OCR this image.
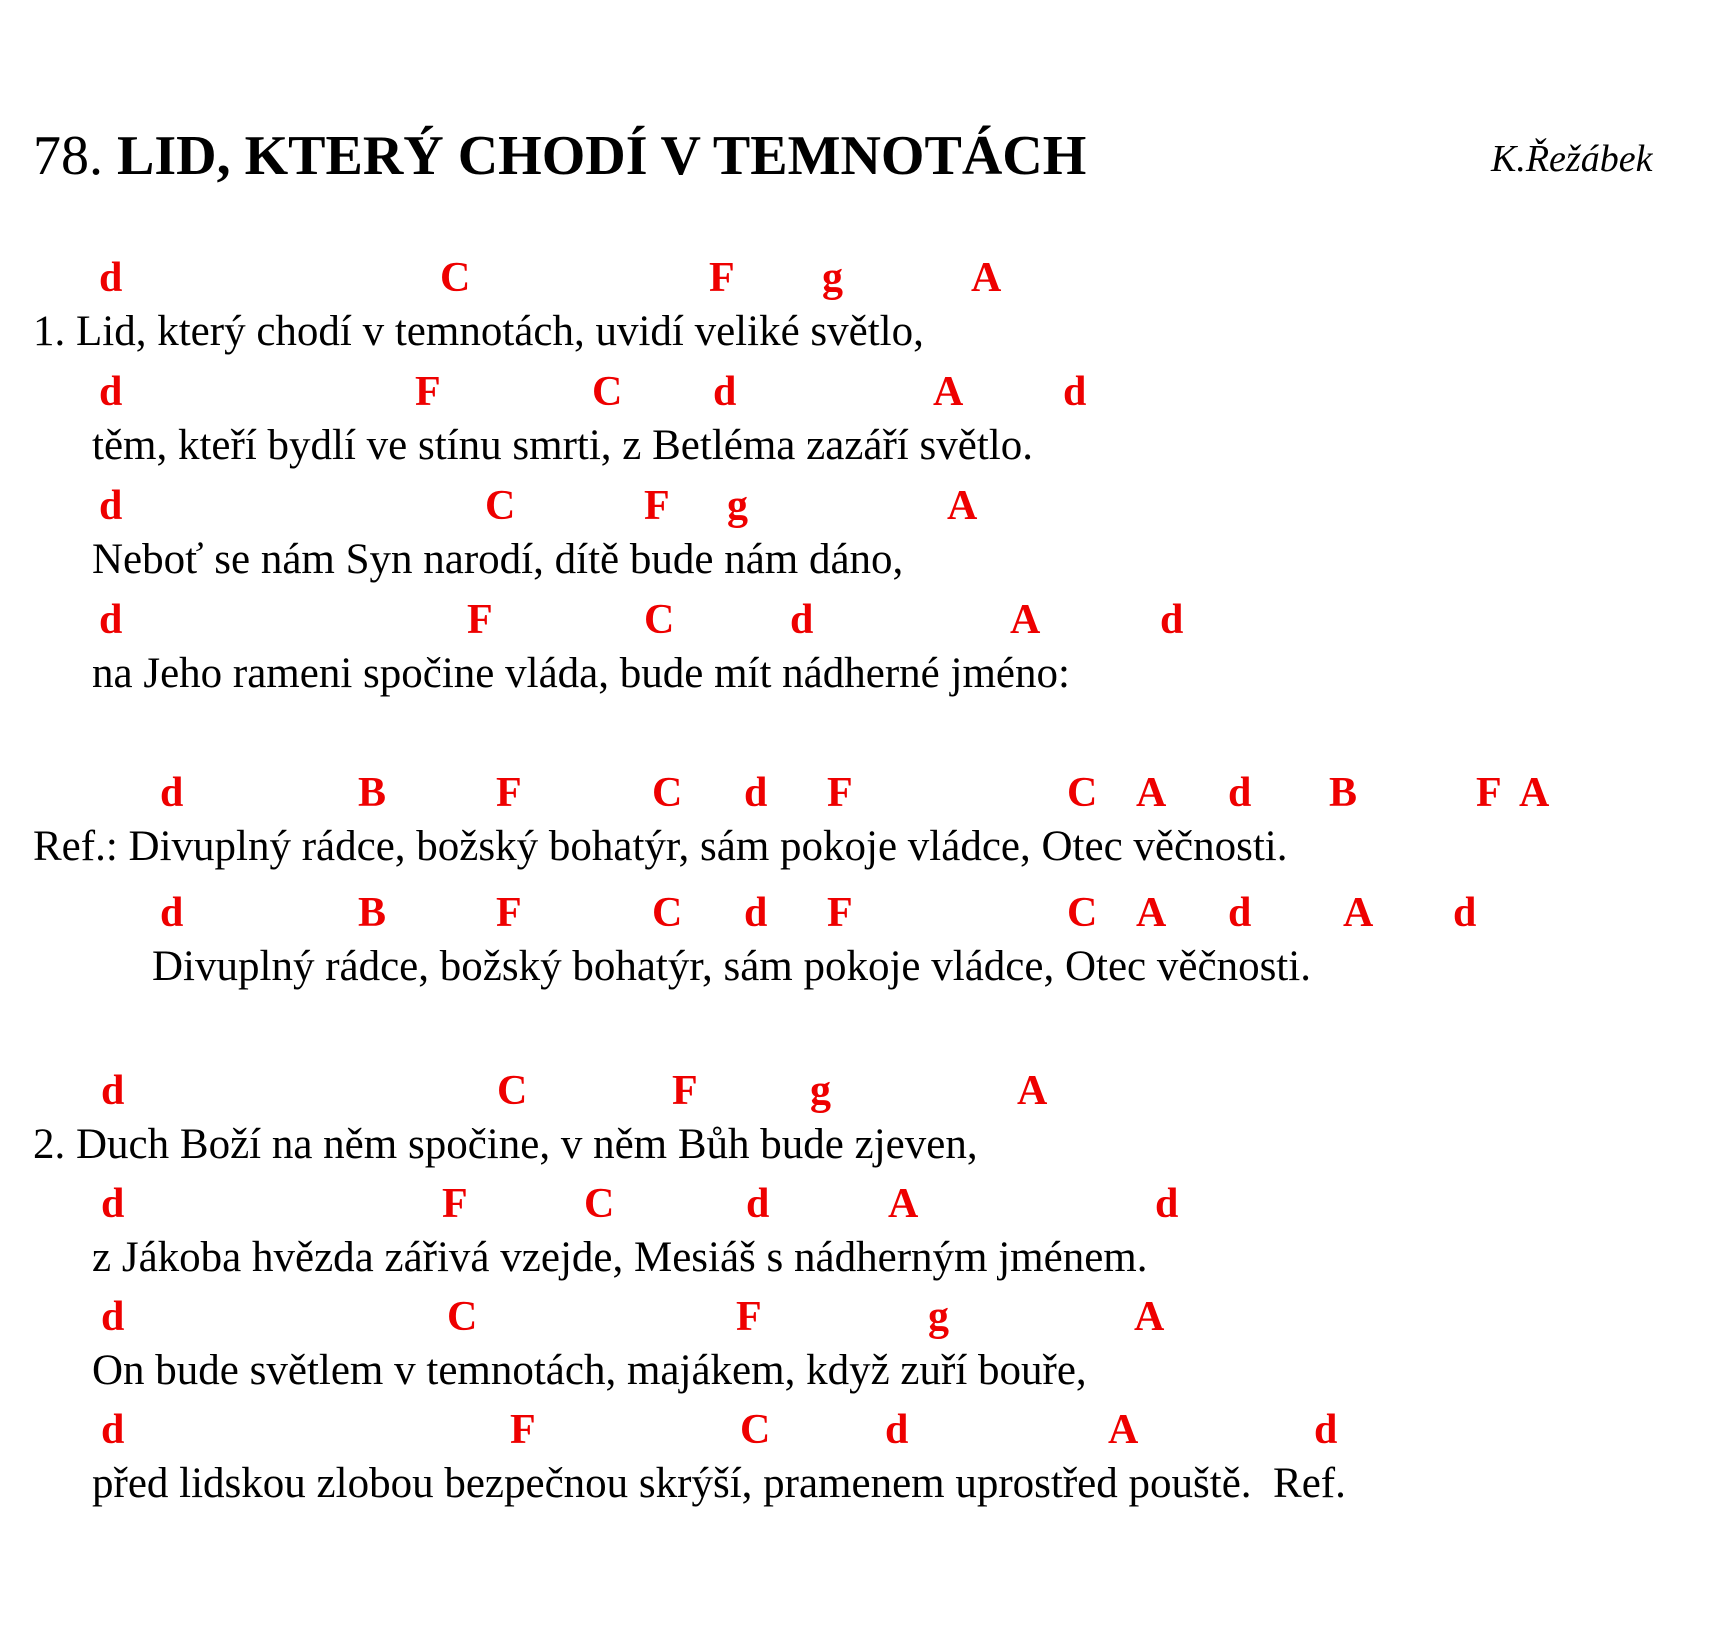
78. LID, KTERÝ CHODÍ V TEMNOTÁCH	K.Řežábek
d	C	F g	A
1. Lid, který chodí v temnotách, uvidí veliké světlo,
d	F	C d	A d
těm, kteří bydlí ve stínu smrti, z Betléma zazáří světlo.
d	C	F g	A
Neboť se nám Syn narodí, dítě bude nám dáno,
d	F	C	d	A	d
na Jeho rameni spočine vláda, bude mít nádherné jméno:
d	B	F	C d F	C A d B	F A
Ref.: Divuplný rádce, božský bohatýr, sám pokoje vládce, Otec věčnosti.
d	B	F	C d F	C A d A d
Divuplný rádce, božský bohatýr, sám pokoje vládce, Otec věčnosti.
d	C	F	g	A
2. Duch Boží na něm spočine, v něm Bůh bude zjeven,
d	F	C	d	A	d
z Jákoba hvězda zářivá vzejde, Mesiáš s nádherným jménem.
d	C	F	g	A
On bude světlem v temnotách, majákem, když zuří bouře,
d	F	C	d	A	d
před lidskou zlobou bezpečnou skrýší, pramenem uprostřed pouště.  Ref.
